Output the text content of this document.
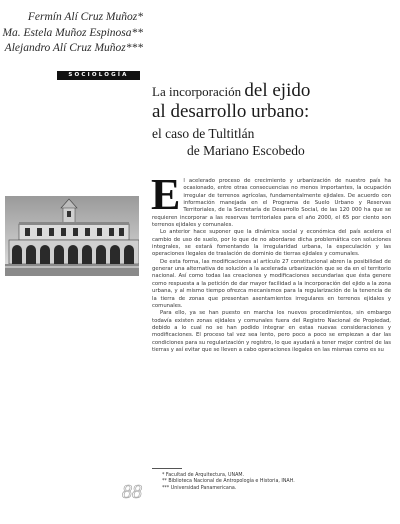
Fermín Alí Cruz Muñoz*
Ma. Estela Muñoz Espinosa**
Alejandro Alí Cruz Muñoz***
SOCIOLOGÍA
La incorporación del ejido
al desarrollo urbano:
el caso de Tultitlán
de Mariano Escobedo

El acelerado proceso de crecimiento y urbanización de nuestro país ha ocasionado, entre otras consecuencias no menos importantes, la ocupación irregular de terrenos agrícolas, fundamentalmente ejidales. De acuerdo con información manejada en el Programa de Suelo Urbano y Reservas Territoriales, de la Secretaría de Desarrollo Social, de las 120 000 ha que se requieren incorporar a las reservas territoriales para el año 2000, el 65 por ciento son terrenos ejidales y comunales.

Lo anterior hace suponer que la dinámica social y económica del país acelera el cambio de uso de suelo, por lo que de no abordarse dicha problemática con soluciones integrales, se estará fomentando la irregularidad urbana, la especulación y las operaciones ilegales de traslación de dominio de tierras ejidales y comunales.

De esta forma, las modificaciones al artículo 27 constitucional abren la posibilidad de generar una alternativa de solución a la acelerada urbanización que se da en el territorio nacional. Así como todas las creaciones y modificaciones secundarias que ésta genere como respuesta a la petición de dar mayor facilidad a la incorporación del ejido a la zona urbana, y al mismo tiempo ofrezca mecanismos para la regularización de la tenencia de la tierra de zonas que presentan asentamientos irregulares en terrenos ejidales y comunales.

Para ello, ya se han puesto en marcha los nuevos procedimientos, sin embargo todavía existen zonas ejidales y comunales fuera del Registro Nacional de Propiedad, debido a lo cual no se han podido integrar en estas nuevas consideraciones y modificaciones. El proceso tal vez sea lento, pero poco a poco se empiezan a dar las condiciones para su regularización y registro, lo que ayudará a tener mejor control de las tierras y así evitar que se lleven a cabo operaciones ilegales en las mismas como es su

* Facultad de Arquitectura, UNAM.
** Biblioteca Nacional de Antropología e Historia, INAH.
*** Universidad Panamericana.
88
